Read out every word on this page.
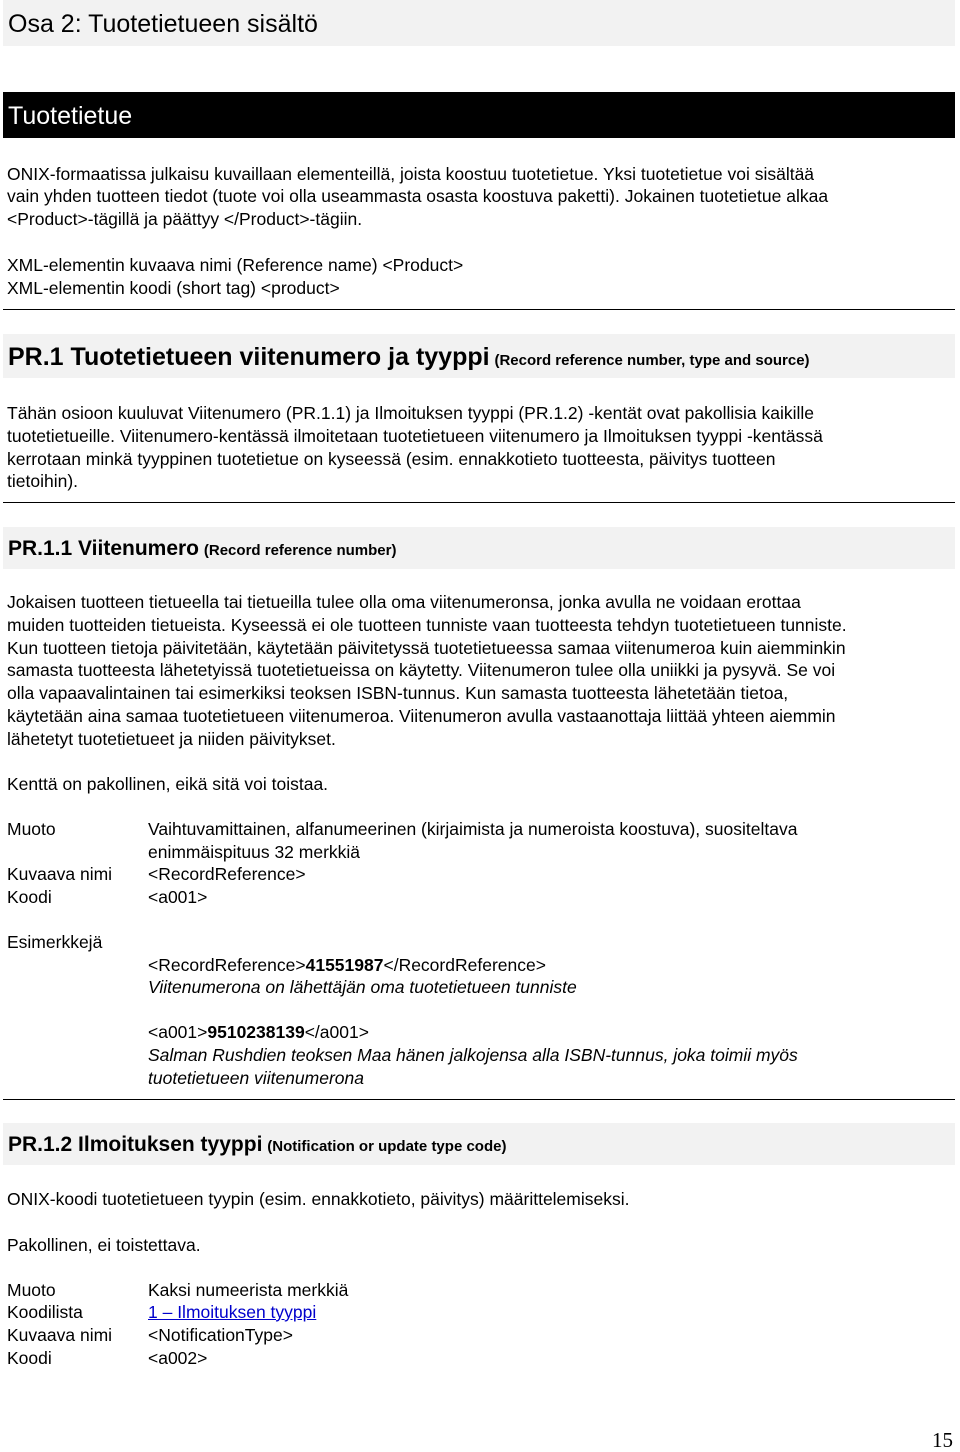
Osa 2: Tuotetietueen sisältö
Tuotetietue
ONIX-formaatissa julkaisu kuvaillaan elementeillä, joista koostuu tuotetietue. Yksi tuotetietue voi sisältää
vain yhden tuotteen tiedot (tuote voi olla useammasta osasta koostuva paketti). Jokainen tuotetietue alkaa
<Product>-tägillä ja päättyy </Product>-tägiin.
XML-elementin kuvaava nimi (Reference name) <Product>
XML-elementin koodi (short tag) <product>
PR.1 Tuotetietueen viitenumero ja tyyppi (Record reference number, type and source)
Tähän osioon kuuluvat Viitenumero (PR.1.1) ja Ilmoituksen tyyppi (PR.1.2) -kentät ovat pakollisia kaikille
tuotetietueille. Viitenumero-kentässä ilmoitetaan tuotetietueen viitenumero ja Ilmoituksen tyyppi -kentässä
kerrotaan minkä tyyppinen tuotetietue on kyseessä (esim. ennakkotieto tuotteesta, päivitys tuotteen
tietoihin).
PR.1.1 Viitenumero (Record reference number)
Jokaisen tuotteen tietueella tai tietueilla tulee olla oma viitenumeronsa, jonka avulla ne voidaan erottaa
muiden tuotteiden tietueista. Kyseessä ei ole tuotteen tunniste vaan tuotteesta tehdyn tuotetietueen tunniste.
Kun tuotteen tietoja päivitetään, käytetään päivitetyssä tuotetietueessa samaa viitenumeroa kuin aiemminkin
samasta tuotteesta lähetetyissä tuotetietueissa on käytetty. Viitenumeron tulee olla uniikki ja pysyvä. Se voi
olla vapaavalintainen tai esimerkiksi teoksen ISBN-tunnus. Kun samasta tuotteesta lähetetään tietoa,
käytetään aina samaa tuotetietueen viitenumeroa. Viitenumeron avulla vastaanottaja liittää yhteen aiemmin
lähetetyt tuotetietueet ja niiden päivitykset.
Kenttä on pakollinen, eikä sitä voi toistaa.
Muoto	Vaihtuvamittainen, alfanumeerinen (kirjaimista ja numeroista koostuva), suositeltava
enimmäispituus 32 merkkiä
Kuvaava nimi <RecordReference>
Koodi	<a001>
Esimerkkejä
<RecordReference>41551987</RecordReference>
Viitenumerona on lähettäjän oma tuotetietueen tunniste
<a001>9510238139</a001>
Salman Rushdien teoksen Maa hänen jalkojensa alla ISBN-tunnus, joka toimii myös
tuotetietueen viitenumerona
PR.1.2 Ilmoituksen tyyppi (Notification or update type code)
ONIX-koodi tuotetietueen tyypin (esim. ennakkotieto, päivitys) määrittelemiseksi.
Pakollinen, ei toistettava.
Muoto	Kaksi numeerista merkkiä
Koodilista	1 – Ilmoituksen tyyppi
Kuvaava nimi <NotificationType>
Koodi	<a002>
15
